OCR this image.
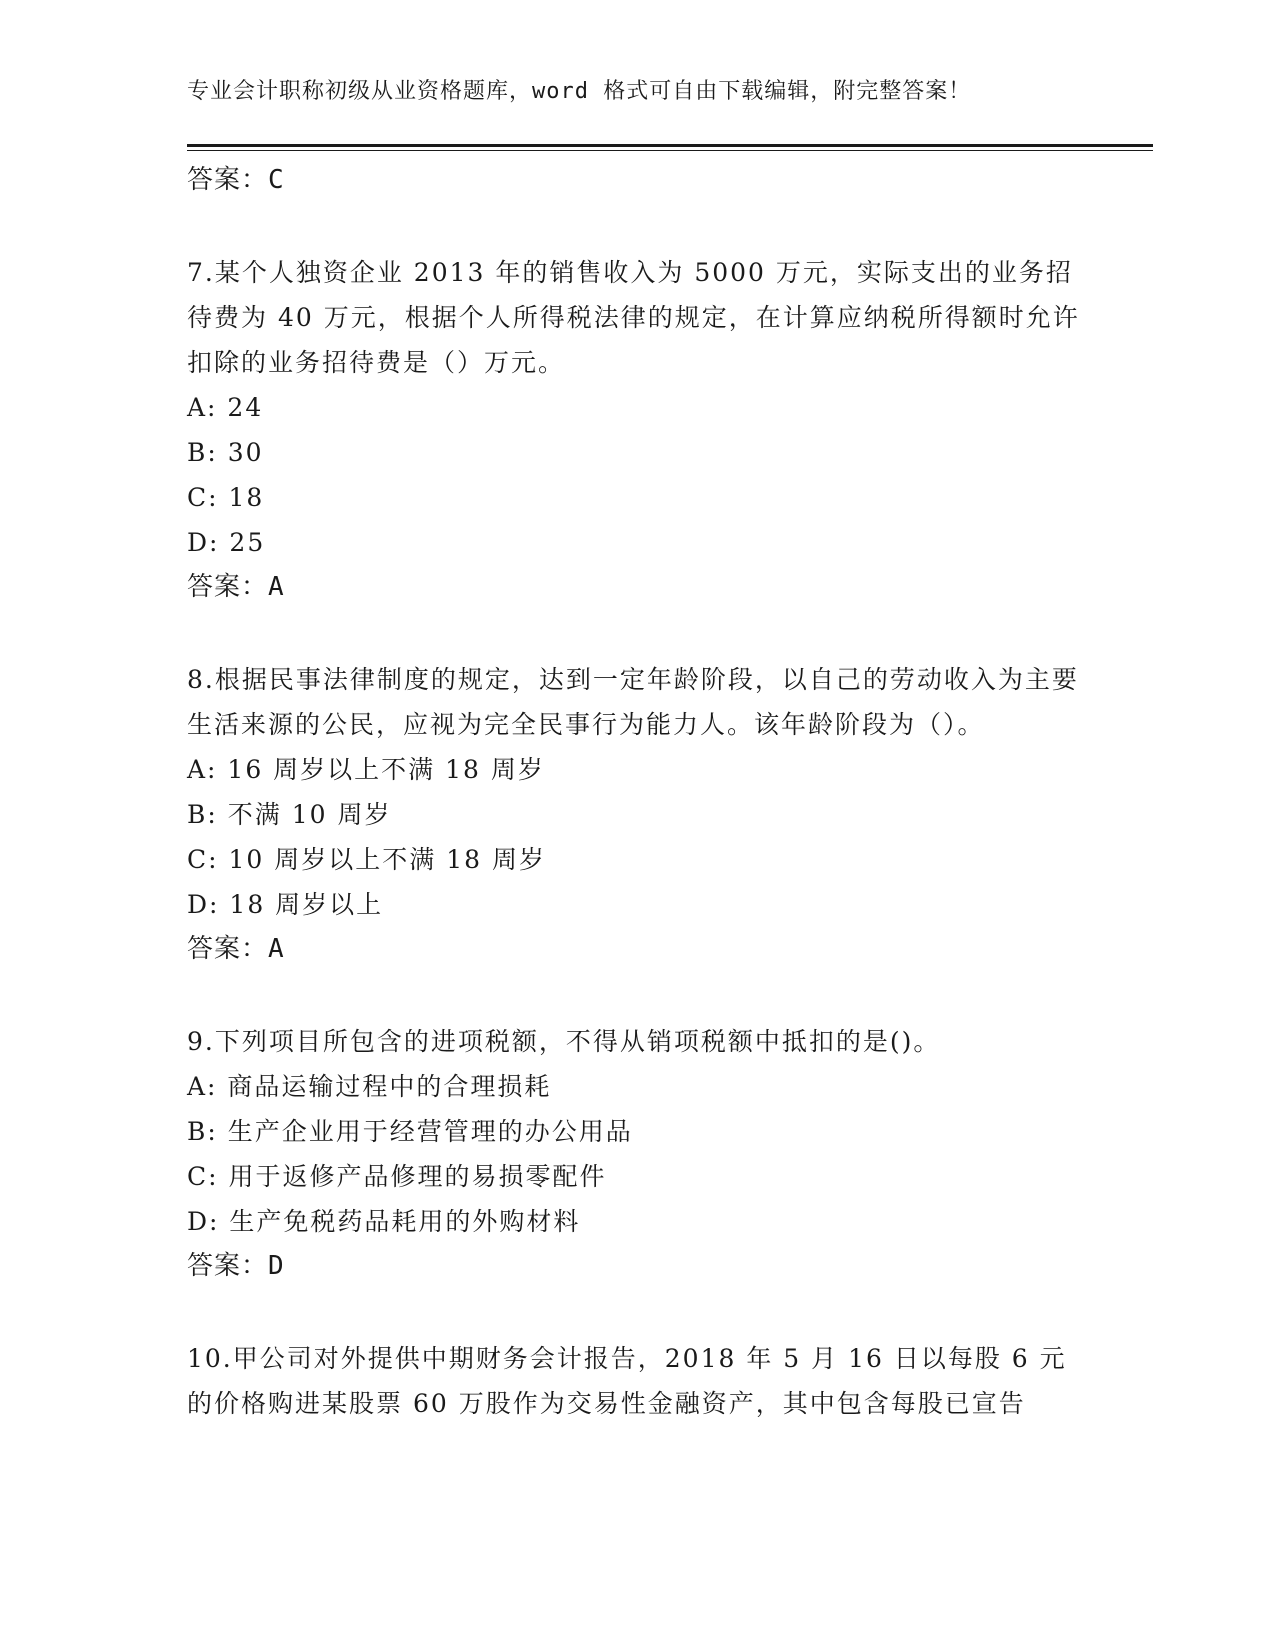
专业会计职称初级从业资格题库，word 格式可自由下载编辑，附完整答案！
答案：C
7.某个人独资企业 2013 年的销售收入为 5000 万元，实际支出的业务招待费为 40 万元，根据个人所得税法律的规定，在计算应纳税所得额时允许扣除的业务招待费是（）万元。
A: 24
B: 30
C: 18
D: 25
答案：A
8.根据民事法律制度的规定，达到一定年龄阶段，以自己的劳动收入为主要生活来源的公民，应视为完全民事行为能力人。该年龄阶段为（）。
A: 16 周岁以上不满 18 周岁
B: 不满 10 周岁
C: 10 周岁以上不满 18 周岁
D: 18 周岁以上
答案：A
9.下列项目所包含的进项税额，不得从销项税额中抵扣的是()。
A: 商品运输过程中的合理损耗
B: 生产企业用于经营管理的办公用品
C: 用于返修产品修理的易损零配件
D: 生产免税药品耗用的外购材料
答案：D
10.甲公司对外提供中期财务会计报告，2018 年 5 月 16 日以每股 6 元的价格购进某股票 60 万股作为交易性金融资产，其中包含每股已宣告
